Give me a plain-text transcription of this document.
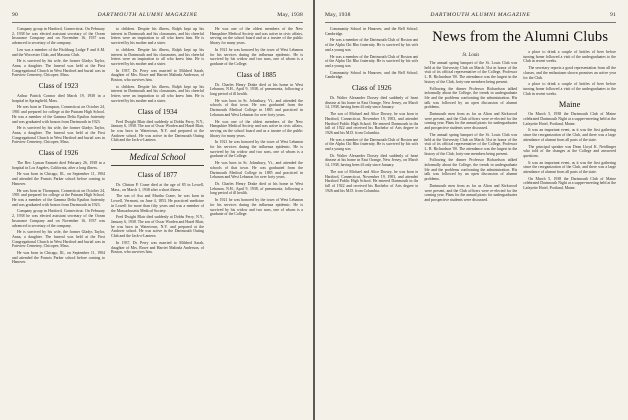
90	DARTMOUTH ALUMNI MAGAZINE	May, 1938

Company group in Hartford, Connecticut. On February 2, 1938 he was elected assistant secretary of the Ocean Insurance Company and on November 16, 1937 was advanced to secretary of the company.

Len was a member of the Fitchburg Lodge F and A.M. and the Worcester Club, and Masonic Club.

He is survived by his wife, the former Gladys Taylor, Anna, a daughter. The funeral was held at the First Congregational Church in West Hartford and burial was in Fairview Cemetery, Chicopee, Mass.

Class of 1923

Arthur Patrick Connor died March 19, 1938 in a hospital in Springfield, Mass.

He was born in Thompson, Connecticut on October 24, 1901 and prepared for college at the Putnam High School. He was a member of the Gamma Delta Epsilon fraternity and was graduated with honors from Dartmouth in 1923.

He is survived by his wife, the former Gladys Taylor, Anna, a daughter. The funeral was held at the First Congregational Church in West Hartford and burial was in Fairview Cemetery, Chicopee, Mass.

Class of 1926

The Rev. Lyman Emmett died February 26, 1938 in a hospital in Los Angeles, California, after a long illness.

He was born in Chicago, Ill., on September 11, 1904 and attended the Francis Parker school before coming to Hanover.

He was born in Thompson, Connecticut on October 24, 1901 and prepared for college at the Putnam High School. He was a member of the Gamma Delta Epsilon fraternity and was graduated with honors from Dartmouth in 1923.

Company group in Hartford, Connecticut. On February 2, 1938 he was elected assistant secretary of the Ocean Insurance Company and on November 16, 1937 was advanced to secretary of the company.

He is survived by his wife, the former Gladys Taylor, Anna, a daughter. The funeral was held at the First Congregational Church in West Hartford and burial was in Fairview Cemetery, Chicopee, Mass.

He was born in Chicago, Ill., on September 11, 1904 and attended the Francis Parker school before coming to Hanover.

to children. Despite his illness, Ralph kept up his interest in Dartmouth and his classmates, and his cheerful letters were an inspiration to all who knew him. He is survived by his mother and a sister.

to children. Despite his illness, Ralph kept up his interest in Dartmouth and his classmates, and his cheerful letters were an inspiration to all who knew him. He is survived by his mother and a sister.

In 1937, Dr. Perry was married to Mildred Sarah, daughter of Mrs. Rowe and Harriet Malinda Anderson, of Boston, who survives him.

to children. Despite his illness, Ralph kept up his interest in Dartmouth and his classmates, and his cheerful letters were an inspiration to all who knew him. He is survived by his mother and a sister.

Class of 1934

Fred Dwight Blair died suddenly at Dobbs Ferry, N.Y., January 6, 1938. The son of Oscar Worden and Hazel Blair, he was born in Watertown, N.Y. and prepared at the Andover school. He was active in the Dartmouth Outing Club and the Jack-o-Lantern.

Medical School
Class of 1877

Dr. Clinton P. Crane died at the age of 85 in Lowell, Mass., on March 1, 1938 after a short illness.

The son of Asa and Martha Crane, he was born in Lowell, Vermont, on June 4, 1853. He practiced medicine in Lowell for more than fifty years and was a member of the Massachusetts Medical Society.

Fred Dwight Blair died suddenly at Dobbs Ferry, N.Y., January 6, 1938. The son of Oscar Worden and Hazel Blair, he was born in Watertown, N.Y. and prepared at the Andover school. He was active in the Dartmouth Outing Club and the Jack-o-Lantern.

In 1937, Dr. Perry was married to Mildred Sarah, daughter of Mrs. Rowe and Harriet Malinda Anderson, of Boston, who survives him.

He was one of the oldest members of the New Hampshire Medical Society and was active in civic affairs, serving on the school board and as a trustee of the public library for many years.

In 1921 he was honored by the town of West Lebanon for his services during the influenza epidemic. He is survived by his widow and two sons, one of whom is a graduate of the College.

Class of 1885

Dr. Charles Henry Drake died at his home in West Lebanon, N.H., April 9, 1938, of pneumonia, following a long period of ill health.

He was born in St. Johnsbury, Vt., and attended the schools of that town. He was graduated from the Dartmouth Medical College in 1885 and practiced in Lebanon and West Lebanon for over forty years.

He was one of the oldest members of the New Hampshire Medical Society and was active in civic affairs, serving on the school board and as a trustee of the public library for many years.

In 1921 he was honored by the town of West Lebanon for his services during the influenza epidemic. He is survived by his widow and two sons, one of whom is a graduate of the College.

He was born in St. Johnsbury, Vt., and attended the schools of that town. He was graduated from the Dartmouth Medical College in 1885 and practiced in Lebanon and West Lebanon for over forty years.

Dr. Charles Henry Drake died at his home in West Lebanon, N.H., April 9, 1938, of pneumonia, following a long period of ill health.

In 1921 he was honored by the town of West Lebanon for his services during the influenza epidemic. He is survived by his widow and two sons, one of whom is a graduate of the College.

May, 1938	DARTMOUTH ALUMNI MAGAZINE	91

Community School in Hanover, and the Bell School, Cambridge.

He was a member of the Dartmouth Club of Boston and of the Alpha Chi Rho fraternity. He is survived by his wife and a young son.

He was a member of the Dartmouth Club of Boston and of the Alpha Chi Rho fraternity. He is survived by his wife and a young son.

Community School in Hanover, and the Bell School, Cambridge.

Class of 1926

Dr. Walter Alexander Dorsey died suddenly of heart disease at his home in East Orange, New Jersey, on March 14, 1938, having been ill only since January.

The son of Michael and Alice Dorsey, he was born in Hartford, Connecticut, November 19, 1903, and attended Hartford Public High School. He entered Dartmouth in the fall of 1922 and received his Bachelor of Arts degree in 1926 and his M.D. from Columbia.

He was a member of the Dartmouth Club of Boston and of the Alpha Chi Rho fraternity. He is survived by his wife and a young son.

Dr. Walter Alexander Dorsey died suddenly of heart disease at his home in East Orange, New Jersey, on March 14, 1938, having been ill only since January.

The son of Michael and Alice Dorsey, he was born in Hartford, Connecticut, November 19, 1903, and attended Hartford Public High School. He entered Dartmouth in the fall of 1922 and received his Bachelor of Arts degree in 1926 and his M.D. from Columbia.

News from the Alumni Clubs
St. Louis

The annual spring banquet of the St. Louis Club was held at the University Club on March 31st in honor of the visit of its official representative of the College, Professor L. B. Richardson '00. The attendance was the largest in the history of the Club, forty-one members being present.

Following the dinner Professor Richardson talked informally about the College, the trends in undergraduate life and the problems confronting the administration. His talk was followed by an open discussion of alumni problems.

Dartmouth men from as far as Alton and Kirkwood were present, and the Club officers were re-elected for the coming year. Plans for the annual picnic for undergraduates and prospective students were discussed.

The annual spring banquet of the St. Louis Club was held at the University Club on March 31st in honor of the visit of its official representative of the College, Professor L. B. Richardson '00. The attendance was the largest in the history of the Club, forty-one members being present.

Following the dinner Professor Richardson talked informally about the College, the trends in undergraduate life and the problems confronting the administration. His talk was followed by an open discussion of alumni problems.

Dartmouth men from as far as Alton and Kirkwood were present, and the Club officers were re-elected for the coming year. Plans for the annual picnic for undergraduates and prospective students were discussed.

a place to drink a couple of bottles of beer before turning home followed a visit of the undergraduates to the Club in recent weeks.

The secretary reports a good representation from all the classes, and the enthusiasm shown promises an active year for the Club.

a place to drink a couple of bottles of beer before turning home followed a visit of the undergraduates to the Club in recent weeks.

Maine

On March 5, 1938 the Dartmouth Club of Maine celebrated Dartmouth Night at a supper-meeting held at the Lafayette Hotel, Portland, Maine.

It was an important event, as it was the first gathering since the reorganization of the Club, and there was a large attendance of alumni from all parts of the state.

The principal speaker was Dean Lloyd K. Neidlinger who told of the changes at the College and answered questions.

It was an important event, as it was the first gathering since the reorganization of the Club, and there was a large attendance of alumni from all parts of the state.

On March 5, 1938 the Dartmouth Club of Maine celebrated Dartmouth Night at a supper-meeting held at the Lafayette Hotel, Portland, Maine.
